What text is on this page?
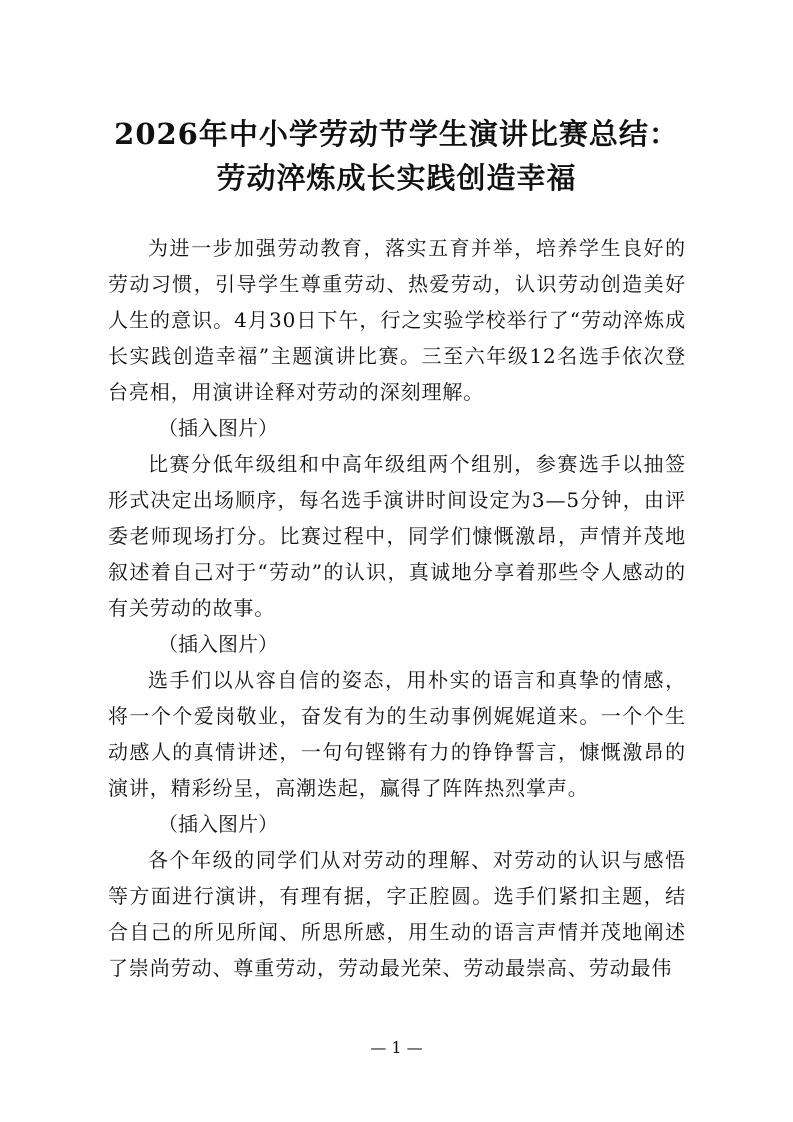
2026年中小学劳动节学生演讲比赛总结：
劳动淬炼成长实践创造幸福

为进一步加强劳动教育，落实五育并举，培养学生良好的劳动习惯，引导学生尊重劳动、热爱劳动，认识劳动创造美好人生的意识。4月30日下午，行之实验学校举行了“劳动淬炼成长实践创造幸福”主题演讲比赛。三至六年级12名选手依次登台亮相，用演讲诠释对劳动的深刻理解。

（插入图片）

比赛分低年级组和中高年级组两个组别，参赛选手以抽签形式决定出场顺序，每名选手演讲时间设定为3—5分钟，由评委老师现场打分。比赛过程中，同学们慷慨激昂，声情并茂地叙述着自己对于“劳动”的认识，真诚地分享着那些令人感动的有关劳动的故事。

（插入图片）

选手们以从容自信的姿态，用朴实的语言和真挚的情感，将一个个爱岗敬业，奋发有为的生动事例娓娓道来。一个个生动感人的真情讲述，一句句铿锵有力的铮铮誓言，慷慨激昂的演讲，精彩纷呈，高潮迭起，赢得了阵阵热烈掌声。

（插入图片）

各个年级的同学们从对劳动的理解、对劳动的认识与感悟等方面进行演讲，有理有据，字正腔圆。选手们紧扣主题，结合自己的所见所闻、所思所感，用生动的语言声情并茂地阐述了崇尚劳动、尊重劳动，劳动最光荣、劳动最崇高、劳动最伟

— 1 —
